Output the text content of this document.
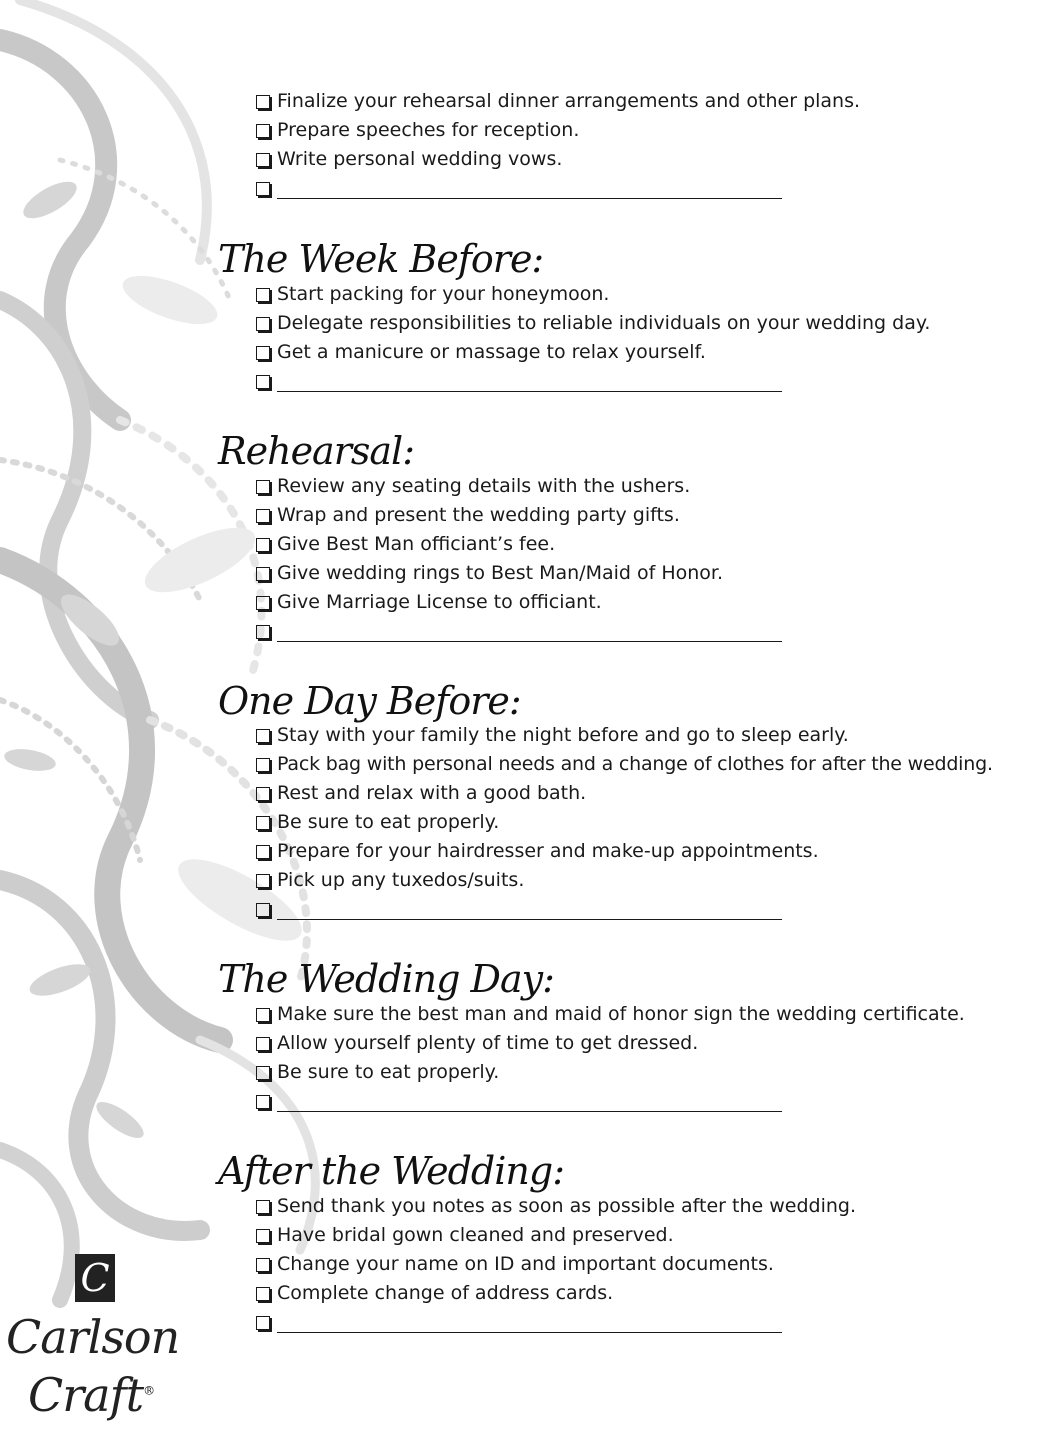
Finalize your rehearsal dinner arrangements and other plans.
Prepare speeches for reception.
Write personal wedding vows.
The Week Before:
Start packing for your honeymoon.
Delegate responsibilities to reliable individuals on your wedding day.
Get a manicure or massage to relax yourself.
Rehearsal:
Review any seating details with the ushers.
Wrap and present the wedding party gifts.
Give Best Man officiant’s fee.
Give wedding rings to Best Man/Maid of Honor.
Give Marriage License to officiant.
One Day Before:
Stay with your family the night before and go to sleep early.
Pack bag with personal needs and a change of clothes for after the wedding.
Rest and relax with a good bath.
Be sure to eat properly.
Prepare for your hairdresser and make-up appointments.
Pick up any tuxedos/suits.
The Wedding Day:
Make sure the best man and maid of honor sign the wedding certificate.
Allow yourself plenty of time to get dressed.
Be sure to eat properly.
After the Wedding:
Send thank you notes as soon as possible after the wedding.
Have bridal gown cleaned and preserved.
Change your name on ID and important documents.
Complete change of address cards.
C
Carlson
Craft®
